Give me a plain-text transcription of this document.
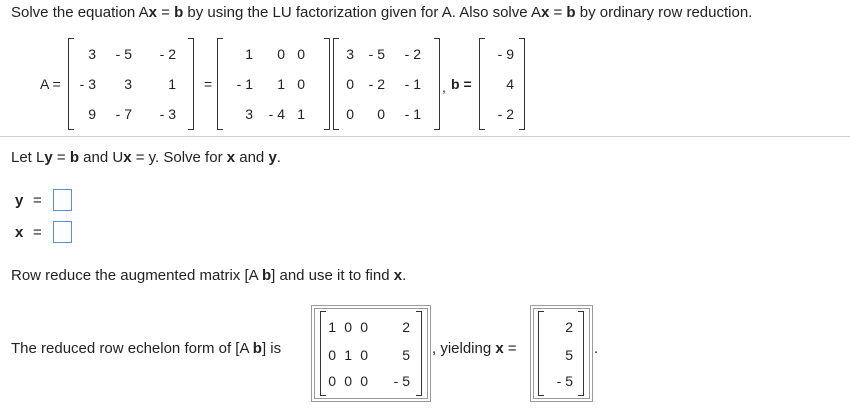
Solve the equation Ax = b by using the LU factorization given for A. Also solve Ax = b by ordinary row reduction.
A =
3	- 5	- 2
- 3	3	1
9	- 7	- 3
=
1	0 0
- 1	1 0
3	- 4 1
3	- 5	- 2
0	- 2	- 1
0	0	- 1
, b =
- 9
4
- 2
Let Ly = b and Ux = y. Solve for x and y.
y =
x =
Row reduce the augmented matrix [A b] and use it to find x.
The reduced row echelon form of [A b] is
1 0 0	2
0 1 0	5
0 0 0	- 5
, yielding x =
2
5
- 5
.
